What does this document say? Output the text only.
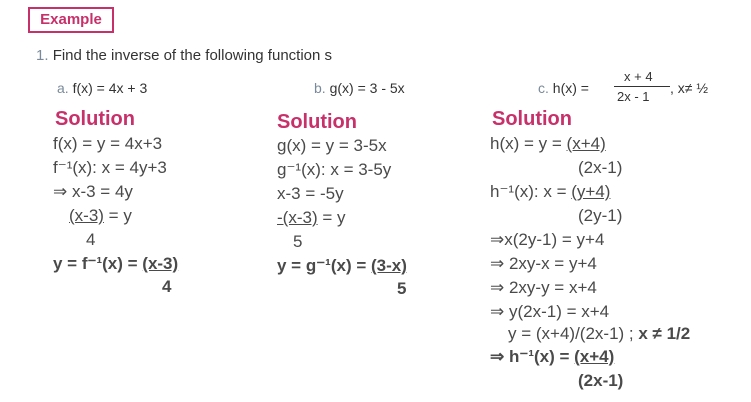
Example
1. Find the inverse of the following function s
a. f(x) = 4x + 3	b. g(x) = 3 - 5x	c. h(x) =
x + 4
2x - 1
, x≠ ½
Solution	Solution	Solution
f(x) = y = 4x+3
f⁻¹(x): x = 4y+3
⇒ x-3 = 4y
(x-3) = y
4
y = f⁻¹(x) = (x-3)
4
g(x) = y = 3-5x
g⁻¹(x): x = 3-5y
x-3 = -5y
-(x-3) = y
5
y = g⁻¹(x) = (3-x)
5
h(x) = y = (x+4)
(2x-1)
h⁻¹(x): x = (y+4)
(2y-1)
⇒x(2y-1) = y+4
⇒ 2xy-x = y+4
⇒ 2xy-y = x+4
⇒ y(2x-1) = x+4
y = (x+4)/(2x-1) ; x ≠ 1/2
⇒ h⁻¹(x) = (x+4)
(2x-1)
